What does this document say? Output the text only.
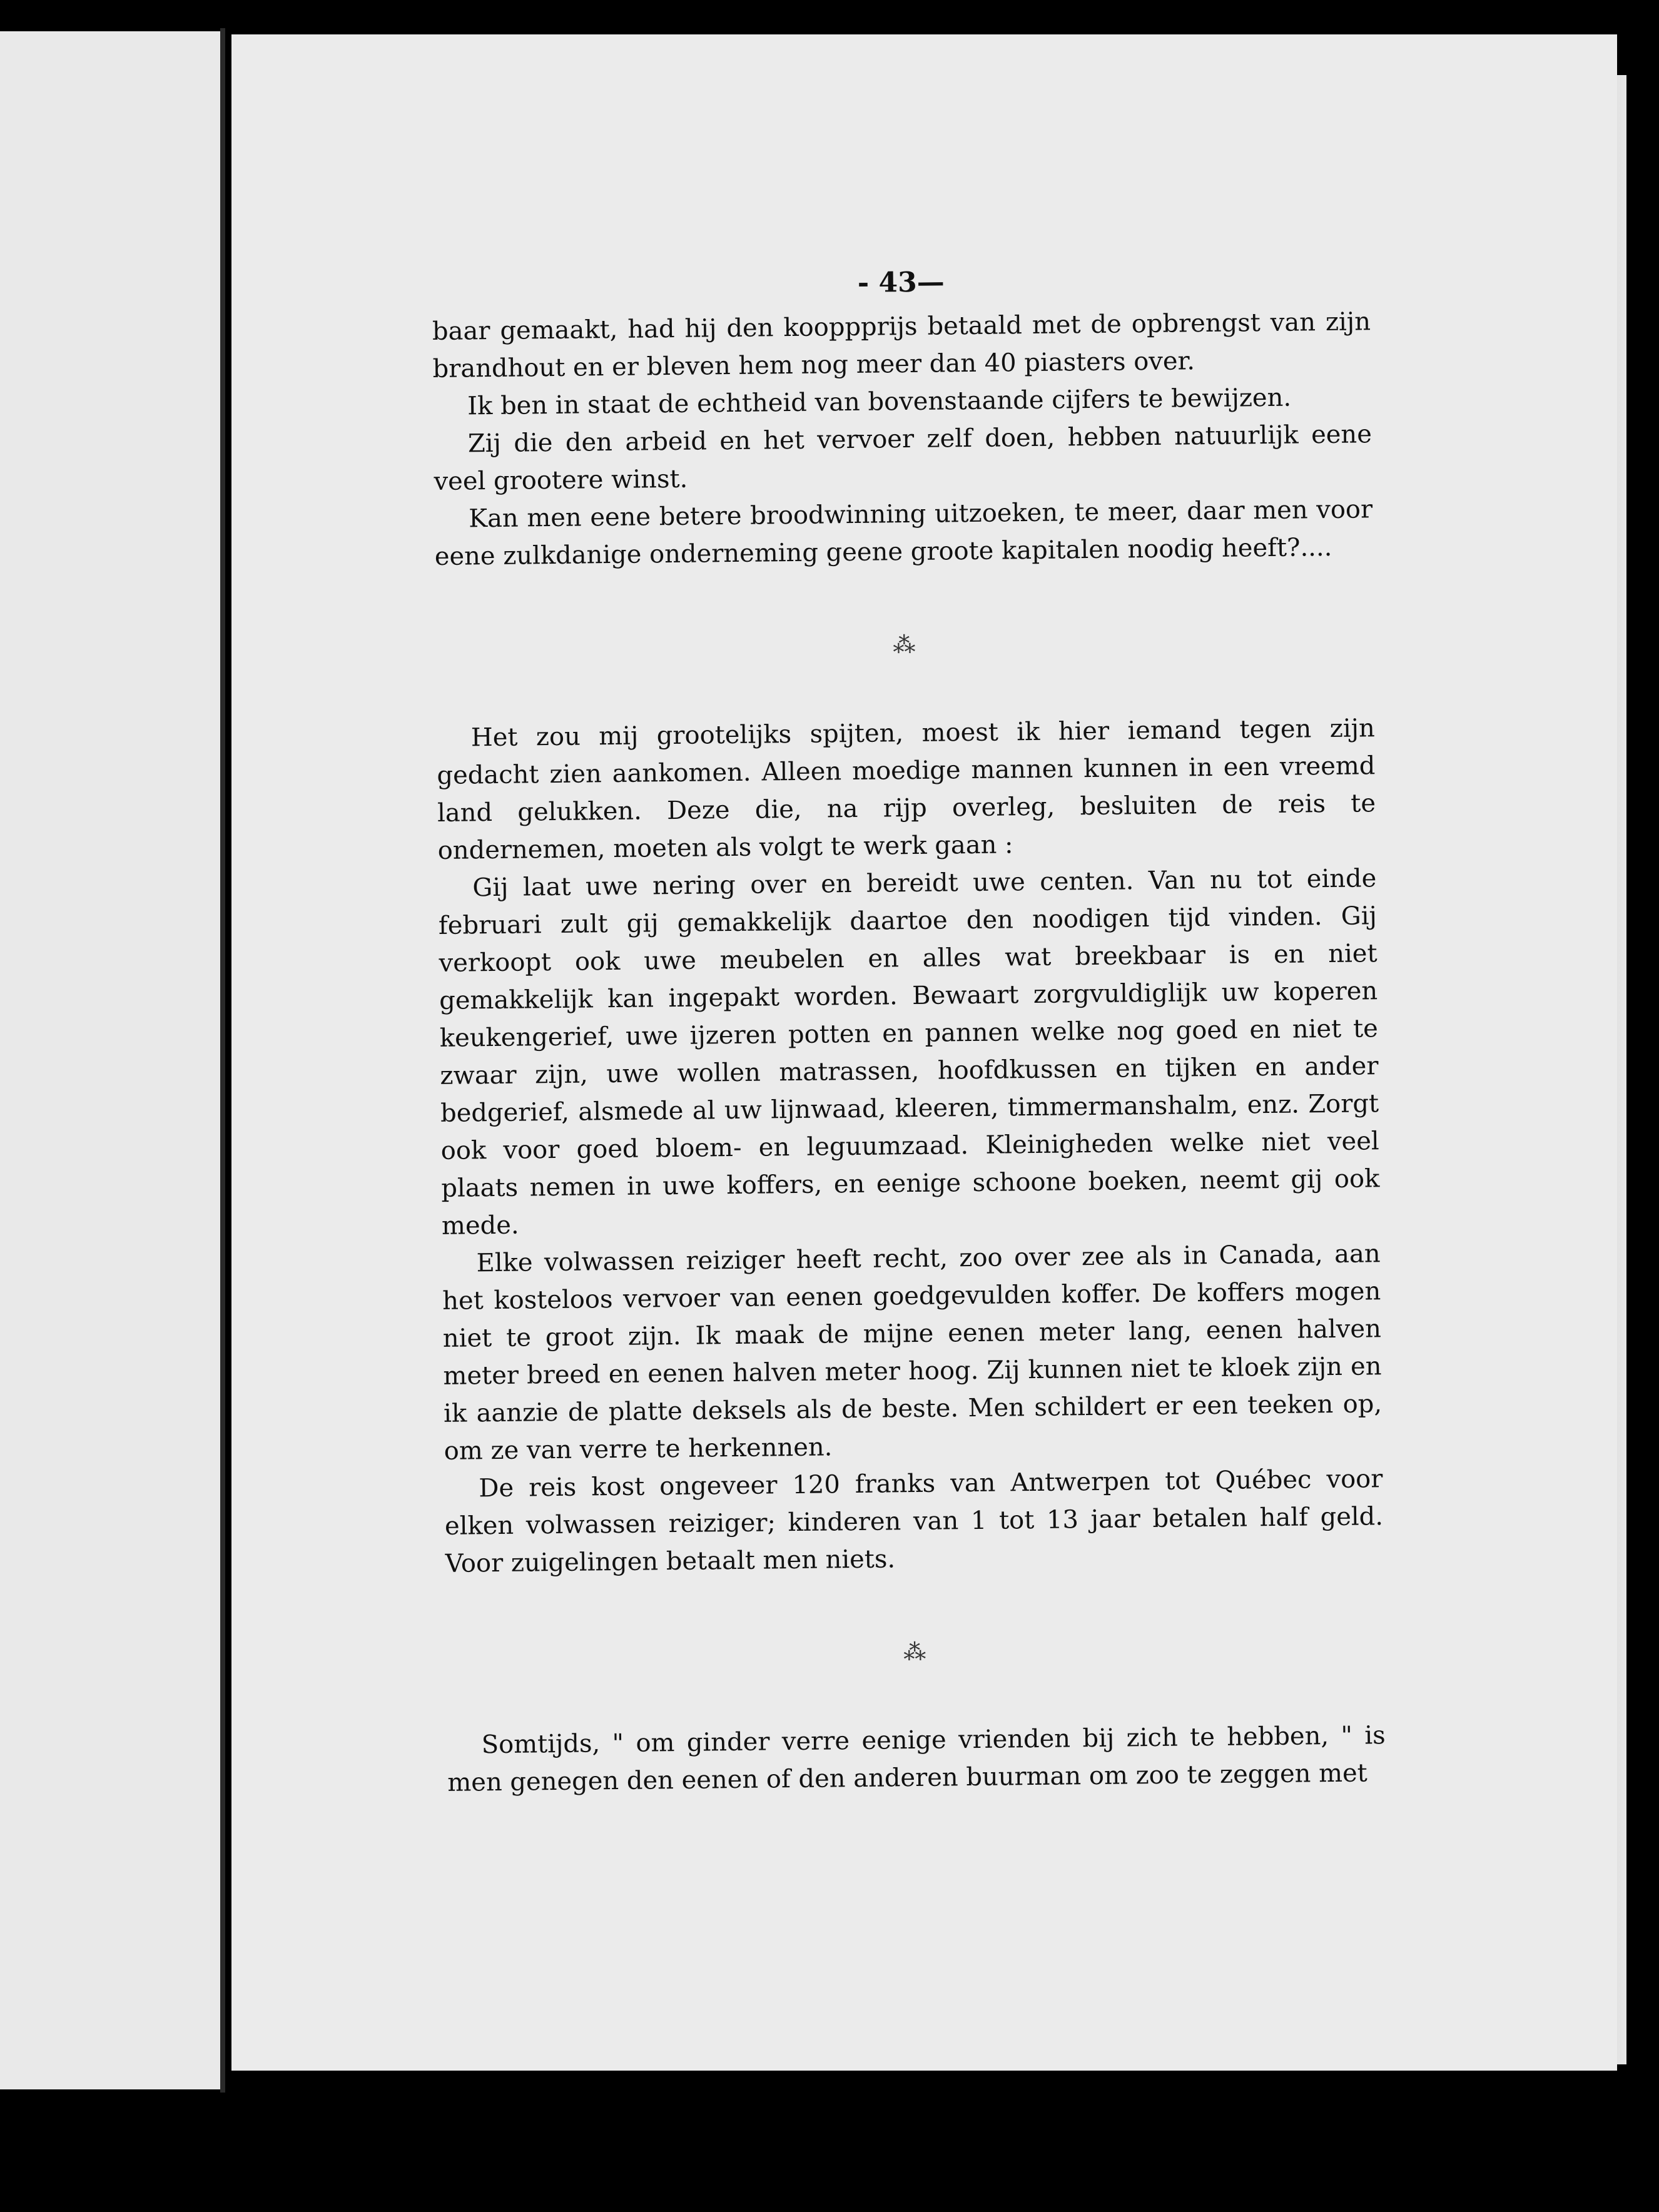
- 43—

baar gemaakt, had hij den kooppprijs betaald met de opbrengst van zijn brandhout en er bleven hem nog meer dan 40 piasters over.

Ik ben in staat de echtheid van bovenstaande cijfers te bewijzen.

Zij die den arbeid en het vervoer zelf doen, hebben natuurlijk eene veel grootere winst.

Kan men eene betere broodwinning uitzoeken, te meer, daar men voor eene zulkdanige onderneming geene groote kapitalen noodig heeft?....

⁂

Het zou mij grootelijks spijten, moest ik hier iemand tegen zijn gedacht zien aankomen. Alleen moedige mannen kunnen in een vreemd land gelukken. Deze die, na rijp overleg, besluiten de reis te ondernemen, moeten als volgt te werk gaan :

Gij laat uwe nering over en bereidt uwe centen. Van nu tot einde februari zult gij gemakkelijk daartoe den noodigen tijd vinden. Gij verkoopt ook uwe meubelen en alles wat breekbaar is en niet gemakkelijk kan ingepakt worden. Bewaart zorgvuldiglijk uw koperen keukengerief, uwe ijzeren potten en pannen welke nog goed en niet te zwaar zijn, uwe wollen matrassen, hoofdkussen en tijken en ander bedgerief, alsmede al uw lijnwaad, kleeren, timmermanshalm, enz. Zorgt ook voor goed bloem- en leguumzaad. Kleinigheden welke niet veel plaats nemen in uwe koffers, en eenige schoone boeken, neemt gij ook mede.

Elke volwassen reiziger heeft recht, zoo over zee als in Canada, aan het kosteloos vervoer van eenen goedgevulden koffer. De koffers mogen niet te groot zijn. Ik maak de mijne eenen meter lang, eenen halven meter breed en eenen halven meter hoog. Zij kunnen niet te kloek zijn en ik aanzie de platte deksels als de beste. Men schildert er een teeken op, om ze van verre te herkennen.

De reis kost ongeveer 120 franks van Antwerpen tot Québec voor elken volwassen reiziger; kinderen van 1 tot 13 jaar betalen half geld. Voor zuigelingen betaalt men niets.

⁂

Somtijds, " om ginder verre eenige vrienden bij zich te hebben, " is men genegen den eenen of den anderen buurman om zoo te zeggen met
